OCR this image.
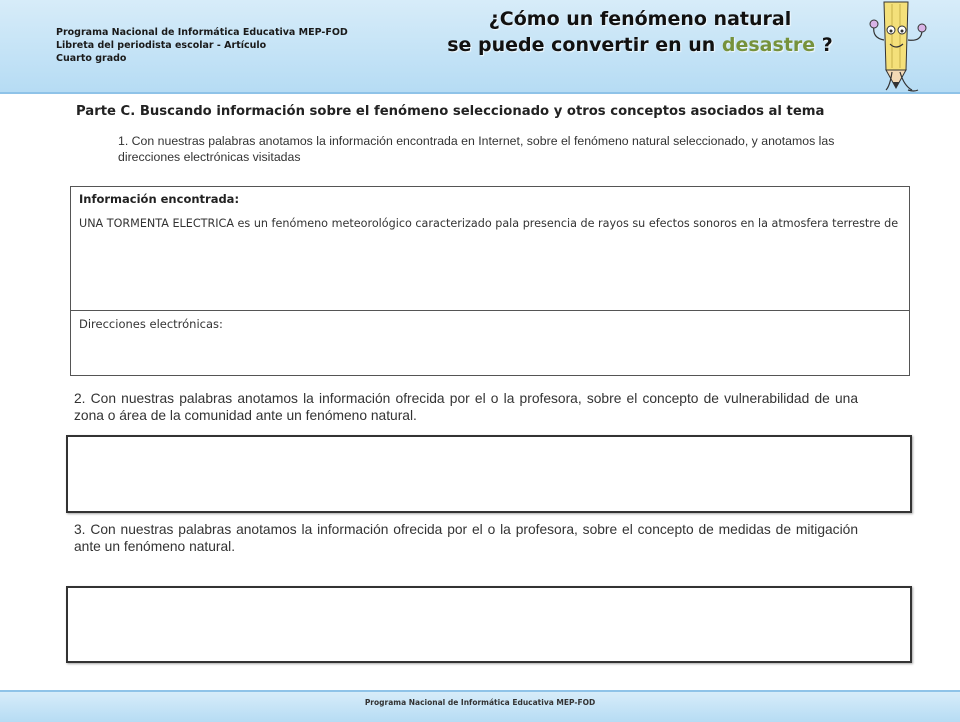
Programa Nacional de Informática Educativa MEP-FOD
Libreta del periodista escolar - Artículo
Cuarto grado
¿Cómo un fenómeno natural
se puede convertir en un desastre ?
Parte C. Buscando información sobre el fenómeno seleccionado y otros conceptos asociados al tema
1. Con nuestras palabras anotamos la información encontrada en Internet, sobre el fenómeno natural seleccionado, y anotamos las direcciones electrónicas visitadas
Información encontrada:
UNA TORMENTA ELECTRICA es un fenómeno meteorológico caracterizado pala presencia de rayos su efectos sonoros en la atmosfera terrestre de
Direcciones electrónicas:
2. Con nuestras palabras anotamos la información ofrecida por el o la profesora, sobre el concepto de vulnerabilidad de una zona o área de la comunidad ante un fenómeno natural.
3. Con nuestras palabras anotamos la información ofrecida por el o la profesora, sobre el concepto de medidas de mitigación ante un fenómeno natural.
Programa Nacional de Informática Educativa MEP-FOD
